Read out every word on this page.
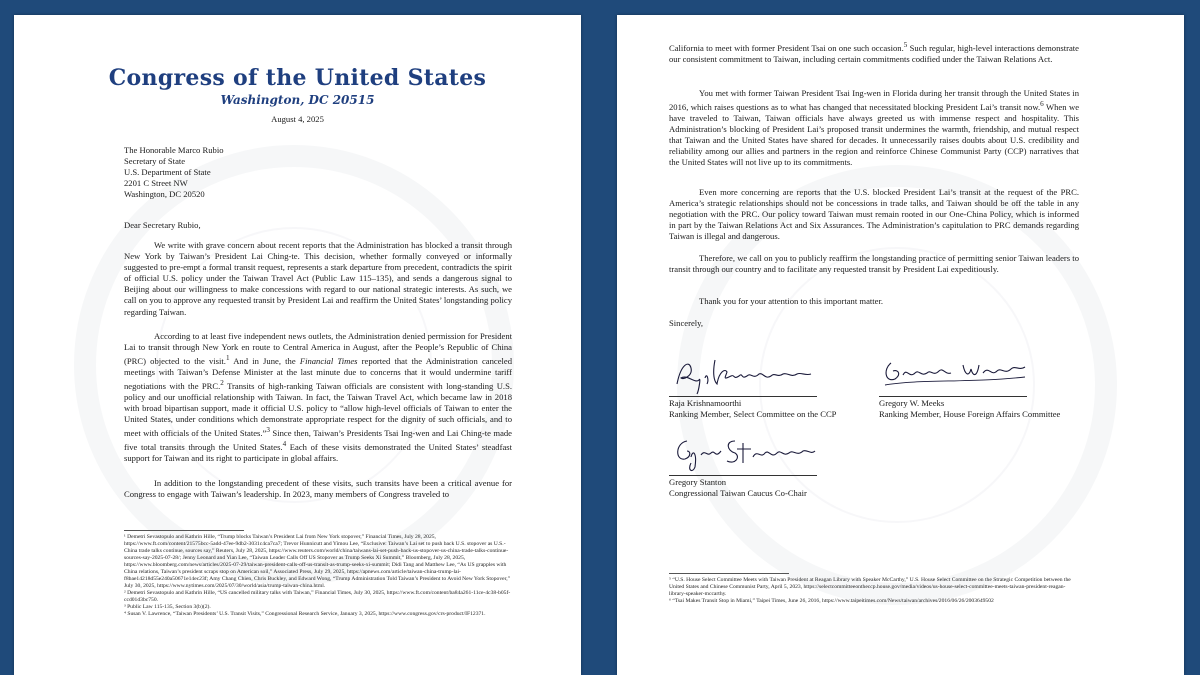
Congress of the United States
Washington, DC 20515
August 4, 2025
The Honorable Marco Rubio
Secretary of State
U.S. Department of State
2201 C Street NW
Washington, DC 20520
Dear Secretary Rubio,
We write with grave concern about recent reports that the Administration has blocked a transit through New York by Taiwan’s President Lai Ching-te. This decision, whether formally conveyed or informally suggested to pre-empt a formal transit request, represents a stark departure from precedent, contradicts the spirit of official U.S. policy under the Taiwan Travel Act (Public Law 115–135), and sends a dangerous signal to Beijing about our willingness to make concessions with regard to our national strategic interests. As such, we call on you to approve any requested transit by President Lai and reaffirm the United States’ longstanding policy regarding Taiwan.
According to at least five independent news outlets, the Administration denied permission for President Lai to transit through New York en route to Central America in August, after the People’s Republic of China (PRC) objected to the visit.$^1$ And in June, the Financial Times reported that the Administration canceled meetings with Taiwan’s Defense Minister at the last minute due to concerns that it would undermine tariff negotiations with the PRC.$^2$ Transits of high-ranking Taiwan officials are consistent with long-standing U.S. policy and our unofficial relationship with Taiwan. In fact, the Taiwan Travel Act, which became law in 2018 with broad bipartisan support, made it official U.S. policy to “allow high-level officials of Taiwan to enter the United States, under conditions which demonstrate appropriate respect for the dignity of such officials, and to meet with officials of the United States.”$^3$ Since then, Taiwan’s Presidents Tsai Ing-wen and Lai Ching-te made five total transits through the United States.$^4$ Each of these visits demonstrated the United States’ steadfast support for Taiwan and its right to participate in global affairs.
In addition to the longstanding precedent of these visits, such transits have been a critical avenue for Congress to engage with Taiwan’s leadership. In 2023, many members of Congress traveled to
¹ Demetri Sevastopulo and Kathrin Hille, “Trump blocks Taiwan’s President Lai from New York stopover,” Financial Times, July 28, 2025, https://www.ft.com/content/21575bcc-5add-47ee-9db2-3031c4ca7ca7; Trevor Hunnicutt and Yimou Lee, “Exclusive: Taiwan’s Lai set to push back U.S. stopover as U.S.-China trade talks continue, sources say,” Reuters, July 28, 2025, https://www.reuters.com/world/china/taiwans-lai-set-push-back-us-stopover-us-china-trade-talks-continue-sources-say-2025-07-28/; Jenny Leonard and Yian Lee, “Taiwan Leader Calls Off US Stopover as Trump Seeks Xi Summit,” Bloomberg, July 28, 2025, https://www.bloomberg.com/news/articles/2025-07-29/taiwan-president-calls-off-us-transit-as-trump-seeks-xi-summit; Didi Tang and Matthew Lee, “As US grapples with China relations, Taiwan’s president scraps stop on American soil,” Associated Press, July 29, 2025, https://apnews.com/article/taiwan-china-trump-lai-f8bae14218d55e240a50671e14ec23f; Amy Chang Chien, Chris Buckley, and Edward Wong, “Trump Administration Told Taiwan’s President to Avoid New York Stopover,” July 30, 2025, https://www.nytimes.com/2025/07/30/world/asia/trump-taiwan-china.html.
² Demetri Sevastopulo and Kathrin Hille, “US cancelled military talks with Taiwan,” Financial Times, July 30, 2025, https://www.ft.com/content/ba84a261-11ce-4c38-b05f-ccd01d3bc750.
³ Public Law 115-135, Section 3(b)(2).
⁴ Susan V. Lawrence, “Taiwan Presidents’ U.S. Transit Visits,” Congressional Research Service, January 3, 2025, https://www.congress.gov/crs-product/IF12371.
California to meet with former President Tsai on one such occasion.$^5$ Such regular, high-level interactions demonstrate our consistent commitment to Taiwan, including certain commitments codified under the Taiwan Relations Act.
You met with former Taiwan President Tsai Ing-wen in Florida during her transit through the United States in 2016, which raises questions as to what has changed that necessitated blocking President Lai’s transit now.$^6$ When we have traveled to Taiwan, Taiwan officials have always greeted us with immense respect and hospitality. This Administration’s blocking of President Lai’s proposed transit undermines the warmth, friendship, and mutual respect that Taiwan and the United States have shared for decades. It unnecessarily raises doubts about U.S. credibility and reliability among our allies and partners in the region and reinforce Chinese Communist Party (CCP) narratives that the United States will not live up to its commitments.
Even more concerning are reports that the U.S. blocked President Lai’s transit at the request of the PRC. America’s strategic relationships should not be concessions in trade talks, and Taiwan should be off the table in any negotiation with the PRC. Our policy toward Taiwan must remain rooted in our One-China Policy, which is informed in part by the Taiwan Relations Act and Six Assurances. The Administration’s capitulation to PRC demands regarding Taiwan is illegal and dangerous.
Therefore, we call on you to publicly reaffirm the longstanding practice of permitting senior Taiwan leaders to transit through our country and to facilitate any requested transit by President Lai expeditiously.
Thank you for your attention to this important matter.
Sincerely,
Raja Krishnamoorthi
Ranking Member, Select Committee on the CCP
Gregory W. Meeks
Ranking Member, House Foreign Affairs Committee
Gregory Stanton
Congressional Taiwan Caucus Co-Chair
⁵ “U.S. House Select Committee Meets with Taiwan President at Reagan Library with Speaker McCarthy,” U.S. House Select Committee on the Strategic Competition between the United States and Chinese Communist Party, April 5, 2023, https://selectcommitteeontheccp.house.gov/media/videos/us-house-select-committee-meets-taiwan-president-reagan-library-speaker-mccarthy.
⁶ “Tsai Makes Transit Stop in Miami,” Taipei Times, June 26, 2016, https://www.taipeitimes.com/News/taiwan/archives/2016/06/26/2003649502
